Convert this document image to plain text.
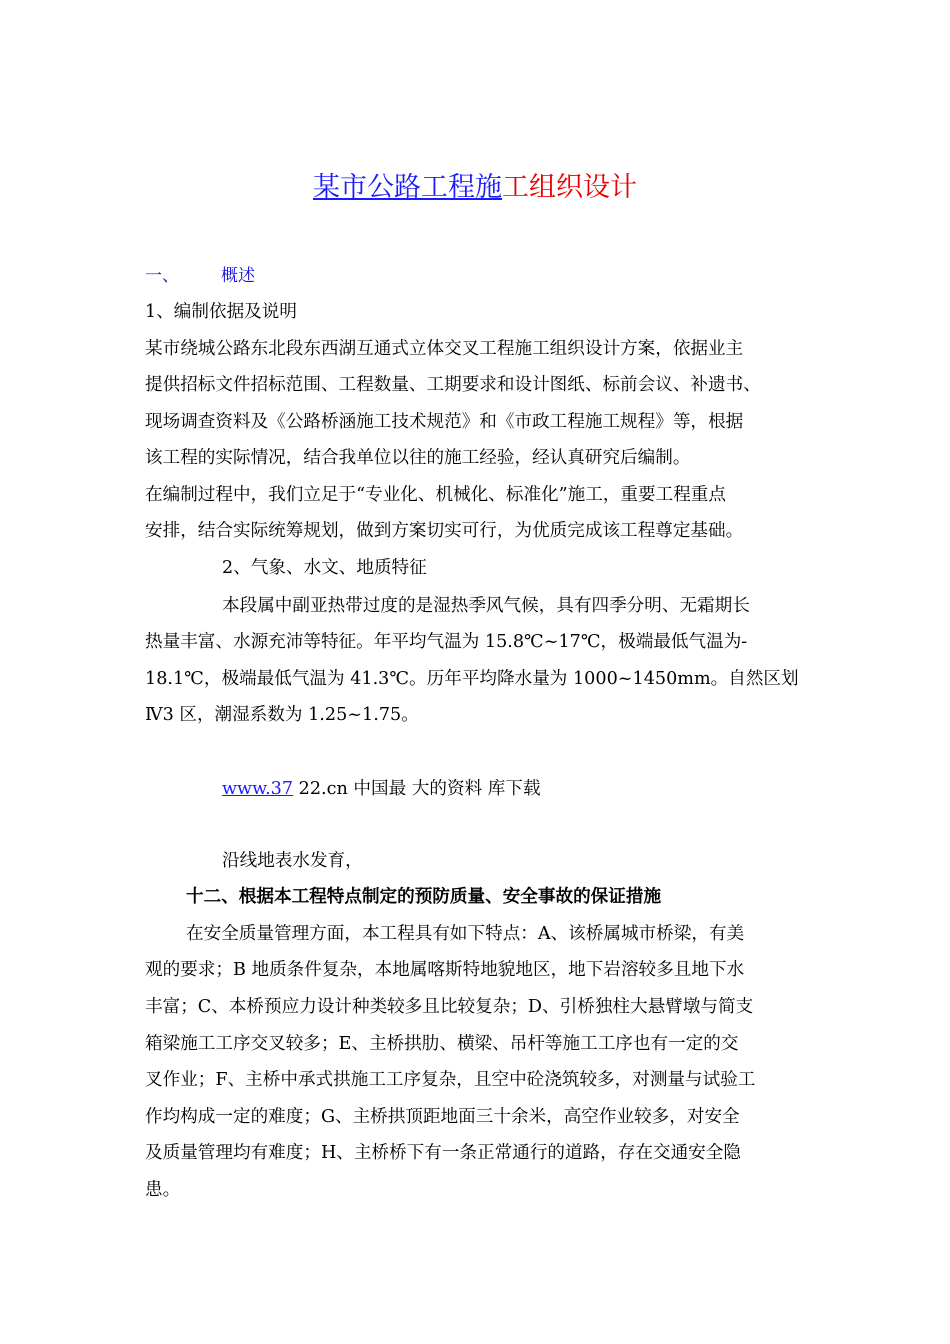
某市公路工程施工组织设计
一、 概述
1、编制依据及说明
某市绕城公路东北段东西湖互通式立体交叉工程施工组织设计方案，依据业主
提供招标文件招标范围、工程数量、工期要求和设计图纸、标前会议、补遗书、
现场调查资料及《公路桥涵施工技术规范》和《市政工程施工规程》等，根据
该工程的实际情况，结合我单位以往的施工经验，经认真研究后编制。
在编制过程中，我们立足于“专业化、机械化、标准化”施工，重要工程重点
安排，结合实际统筹规划，做到方案切实可行，为优质完成该工程尊定基础。
2、气象、水文、地质特征
本段属中副亚热带过度的是湿热季风气候，具有四季分明、无霜期长
热量丰富、水源充沛等特征。年平均气温为 15.8℃~17℃，极端最低气温为-
18.1℃，极端最低气温为 41.3℃。历年平均降水量为 1000~1450mm。自然区划
Ⅳ3 区，潮湿系数为 1.25~1.75。
www.37 22.cn 中国最 大的资料 库下载
沿线地表水发育，
十二、根据本工程特点制定的预防质量、安全事故的保证措施
在安全质量管理方面，本工程具有如下特点：A、该桥属城市桥梁，有美
观的要求；B 地质条件复杂，本地属喀斯特地貌地区，地下岩溶较多且地下水
丰富；C、本桥预应力设计种类较多且比较复杂；D、引桥独柱大悬臂墩与简支
箱梁施工工序交叉较多；E、主桥拱肋、横梁、吊杆等施工工序也有一定的交
叉作业；F、主桥中承式拱施工工序复杂，且空中砼浇筑较多，对测量与试验工
作均构成一定的难度；G、主桥拱顶距地面三十余米，高空作业较多，对安全
及质量管理均有难度；H、主桥桥下有一条正常通行的道路，存在交通安全隐
患。
